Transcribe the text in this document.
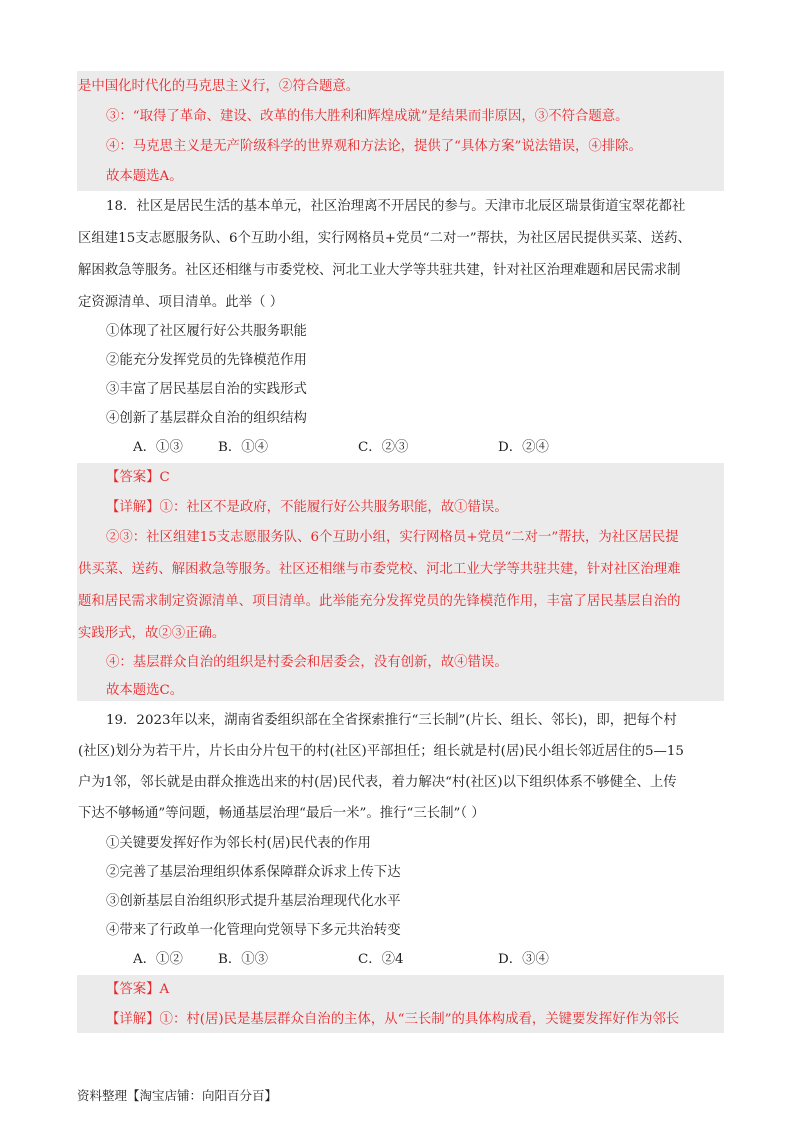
是中国化时代化的马克思主义行，②符合题意。
③：“取得了革命、建设、改革的伟大胜利和辉煌成就”是结果而非原因，③不符合题意。
④：马克思主义是无产阶级科学的世界观和方法论，提供了“具体方案”说法错误，④排除。
故本题选A。
18．社区是居民生活的基本单元，社区治理离不开居民的参与。天津市北辰区瑞景街道宝翠花都社
区组建15支志愿服务队、6个互助小组，实行网格员+党员“二对一”帮扶，为社区居民提供买菜、送药、
解困救急等服务。社区还相继与市委党校、河北工业大学等共驻共建，针对社区治理难题和居民需求制
定资源清单、项目清单。此举（ ）
①体现了社区履行好公共服务职能
②能充分发挥党员的先锋模范作用
③丰富了居民基层自治的实践形式
④创新了基层群众自治的组织结构
A．①③	B．①④	C．②③	D．②④
【答案】C
【详解】①：社区不是政府，不能履行好公共服务职能，故①错误。
②③：社区组建15支志愿服务队、6个互助小组，实行网格员+党员“二对一”帮扶，为社区居民提
供买菜、送药、解困救急等服务。社区还相继与市委党校、河北工业大学等共驻共建，针对社区治理难
题和居民需求制定资源清单、项目清单。此举能充分发挥党员的先锋模范作用，丰富了居民基层自治的
实践形式，故②③正确。
④：基层群众自治的组织是村委会和居委会，没有创新，故④错误。
故本题选C。
19．2023年以来，湖南省委组织部在全省探索推行“三长制”(片长、组长、邻长)，即，把每个村
(社区)划分为若干片，片长由分片包干的村(社区)平部担任；组长就是村(居)民小组长邻近居住的5—15
户为1邻，邻长就是由群众推选出来的村(居)民代表，着力解决“村(社区)以下组织体系不够健全、上传
下达不够畅通”等问题，畅通基层治理“最后一米”。推行“三长制”（ ）
①关键要发挥好作为邻长村(居)民代表的作用
②完善了基层治理组织体系保障群众诉求上传下达
③创新基层自治组织形式提升基层治理现代化水平
④带来了行政单一化管理向党领导下多元共治转变
A．①②	B．①③	C．②4	D．③④
【答案】A
【详解】①：村(居)民是基层群众自治的主体，从“三长制”的具体构成看，关键要发挥好作为邻长
资料整理【淘宝店铺：向阳百分百】
